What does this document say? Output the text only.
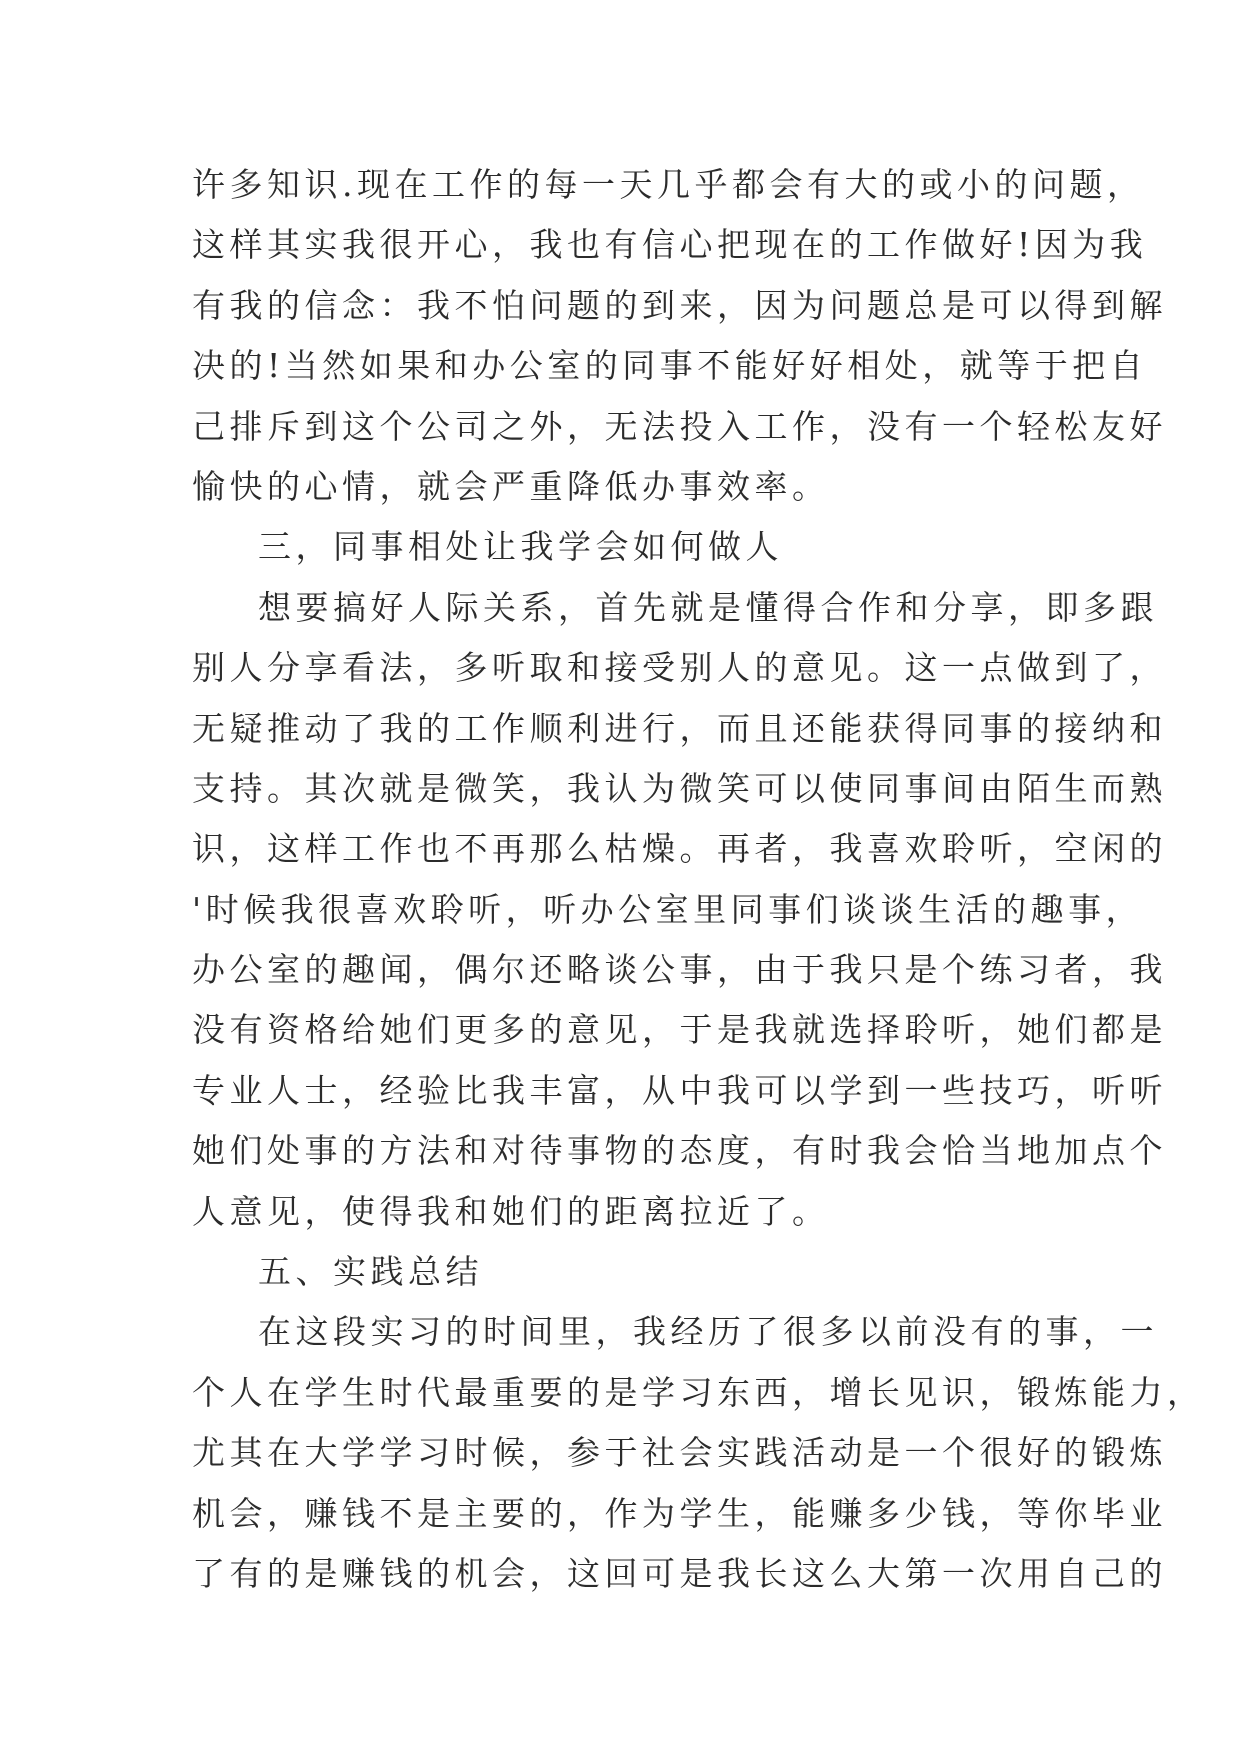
许多知识.现在工作的每一天几乎都会有大的或小的问题，
这样其实我很开心，我也有信心把现在的工作做好!因为我
有我的信念：我不怕问题的到来，因为问题总是可以得到解
决的!当然如果和办公室的同事不能好好相处，就等于把自
己排斥到这个公司之外，无法投入工作，没有一个轻松友好
愉快的心情，就会严重降低办事效率。
三，同事相处让我学会如何做人
想要搞好人际关系，首先就是懂得合作和分享，即多跟
别人分享看法，多听取和接受别人的意见。这一点做到了，
无疑推动了我的工作顺利进行，而且还能获得同事的接纳和
支持。其次就是微笑，我认为微笑可以使同事间由陌生而熟
识，这样工作也不再那么枯燥。再者，我喜欢聆听，空闲的
'时候我很喜欢聆听，听办公室里同事们谈谈生活的趣事，
办公室的趣闻，偶尔还略谈公事，由于我只是个练习者，我
没有资格给她们更多的意见，于是我就选择聆听，她们都是
专业人士，经验比我丰富，从中我可以学到一些技巧，听听
她们处事的方法和对待事物的态度，有时我会恰当地加点个
人意见，使得我和她们的距离拉近了。
五、实践总结
在这段实习的时间里，我经历了很多以前没有的事，一
个人在学生时代最重要的是学习东西，增长见识，锻炼能力，
尤其在大学学习时候，参于社会实践活动是一个很好的锻炼
机会，赚钱不是主要的，作为学生，能赚多少钱，等你毕业
了有的是赚钱的机会，这回可是我长这么大第一次用自己的
